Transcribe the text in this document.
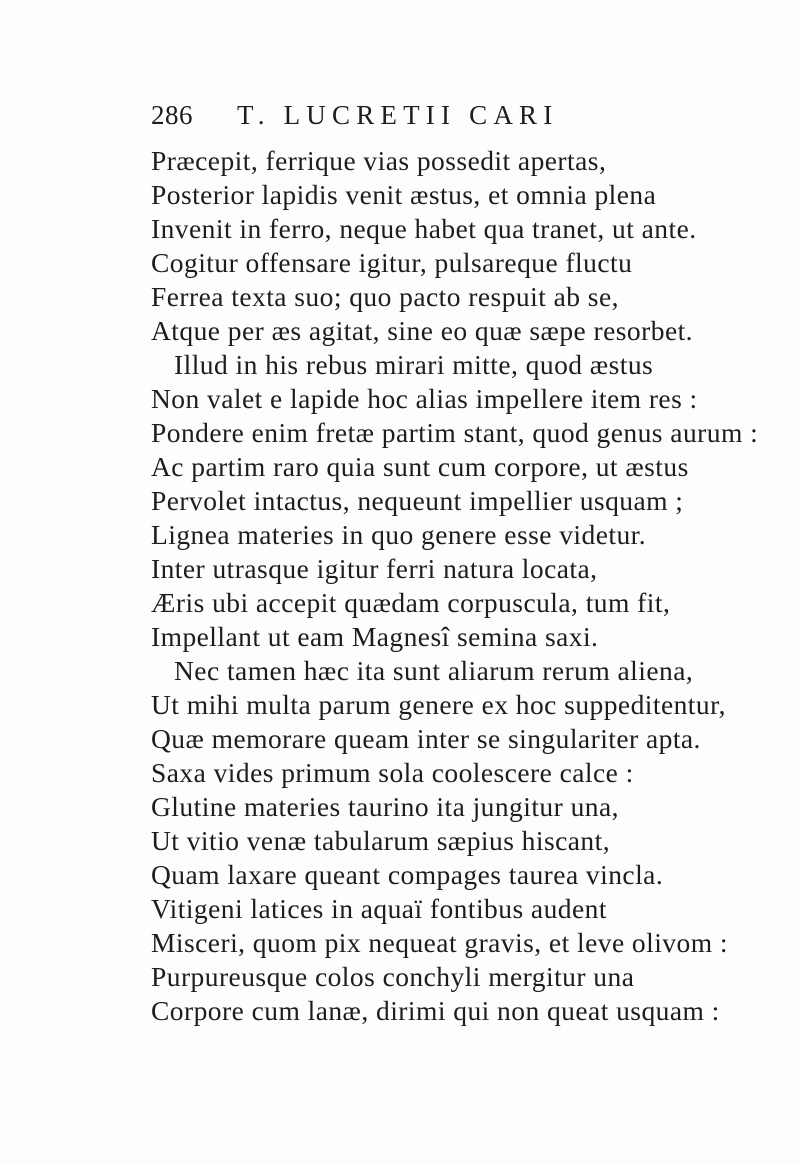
286 T. LUCRETII CARI
Præcepit, ferrique vias possedit apertas,
Posterior lapidis venit æstus, et omnia plena
Invenit in ferro, neque habet qua tranet, ut ante.
Cogitur offensare igitur, pulsareque fluctu
Ferrea texta suo; quo pacto respuit ab se,
Atque per æs agitat, sine eo quæ sæpe resorbet.
Illud in his rebus mirari mitte, quod æstus
Non valet e lapide hoc alias impellere item res :
Pondere enim fretæ partim stant, quod genus aurum :
Ac partim raro quia sunt cum corpore, ut æstus
Pervolet intactus, nequeunt impellier usquam ;
Lignea materies in quo genere esse videtur.
Inter utrasque igitur ferri natura locata,
Æris ubi accepit quædam corpuscula, tum fit,
Impellant ut eam Magnesî semina saxi.
Nec tamen hæc ita sunt aliarum rerum aliena,
Ut mihi multa parum genere ex hoc suppeditentur,
Quæ memorare queam inter se singulariter apta.
Saxa vides primum sola coolescere calce :
Glutine materies taurino ita jungitur una,
Ut vitio venæ tabularum sæpius hiscant,
Quam laxare queant compages taurea vincla.
Vitigeni latices in aquaï fontibus audent
Misceri, quom pix nequeat gravis, et leve olivom :
Purpureusque colos conchyli mergitur una
Corpore cum lanæ, dirimi qui non queat usquam :
